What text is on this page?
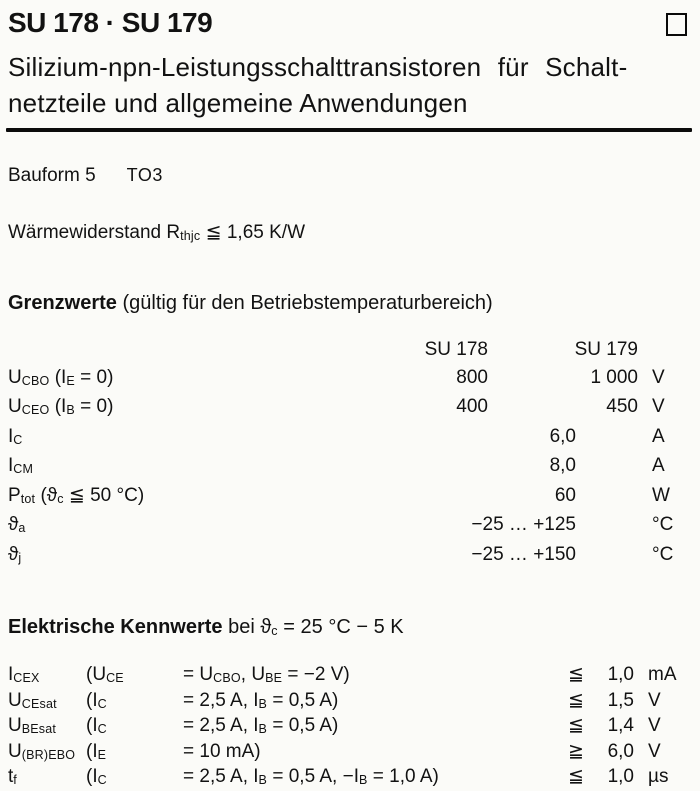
SU 178 · SU 179
Silizium-npn-Leistungsschalttransistoren für Schalt-
netzteile und allgemeine Anwendungen
Bauform 5 TO3
Wärmewiderstand Rthjc ≦ 1,65 K/W
Grenzwerte (gültig für den Betriebstemperaturbereich)
SU 178	SU 179
UCBO (IE = 0)	800	1 000 V
UCEO (IB = 0)	400	450 V
IC	6,0	A
ICM	8,0	A
Ptot (ϑc ≦ 50 °C)	60	W
ϑa	−25 … +125	°C
ϑj	−25 … +150	°C
Elektrische Kennwerte bei ϑc = 25 °C − 5 K
ICEX	(UCE	= UCBO, UBE = −2 V)	≦	1,0 mA
UCEsat	(IC	= 2,5 A, IB = 0,5 A)	≦	1,5 V
UBEsat	(IC	= 2,5 A, IB = 0,5 A)	≦	1,4 V
U(BR)EBO (IE	= 10 mA)	≧	6,0 V
tf	(IC	= 2,5 A, IB = 0,5 A, −IB = 1,0 A)	≦	1,0 µs
